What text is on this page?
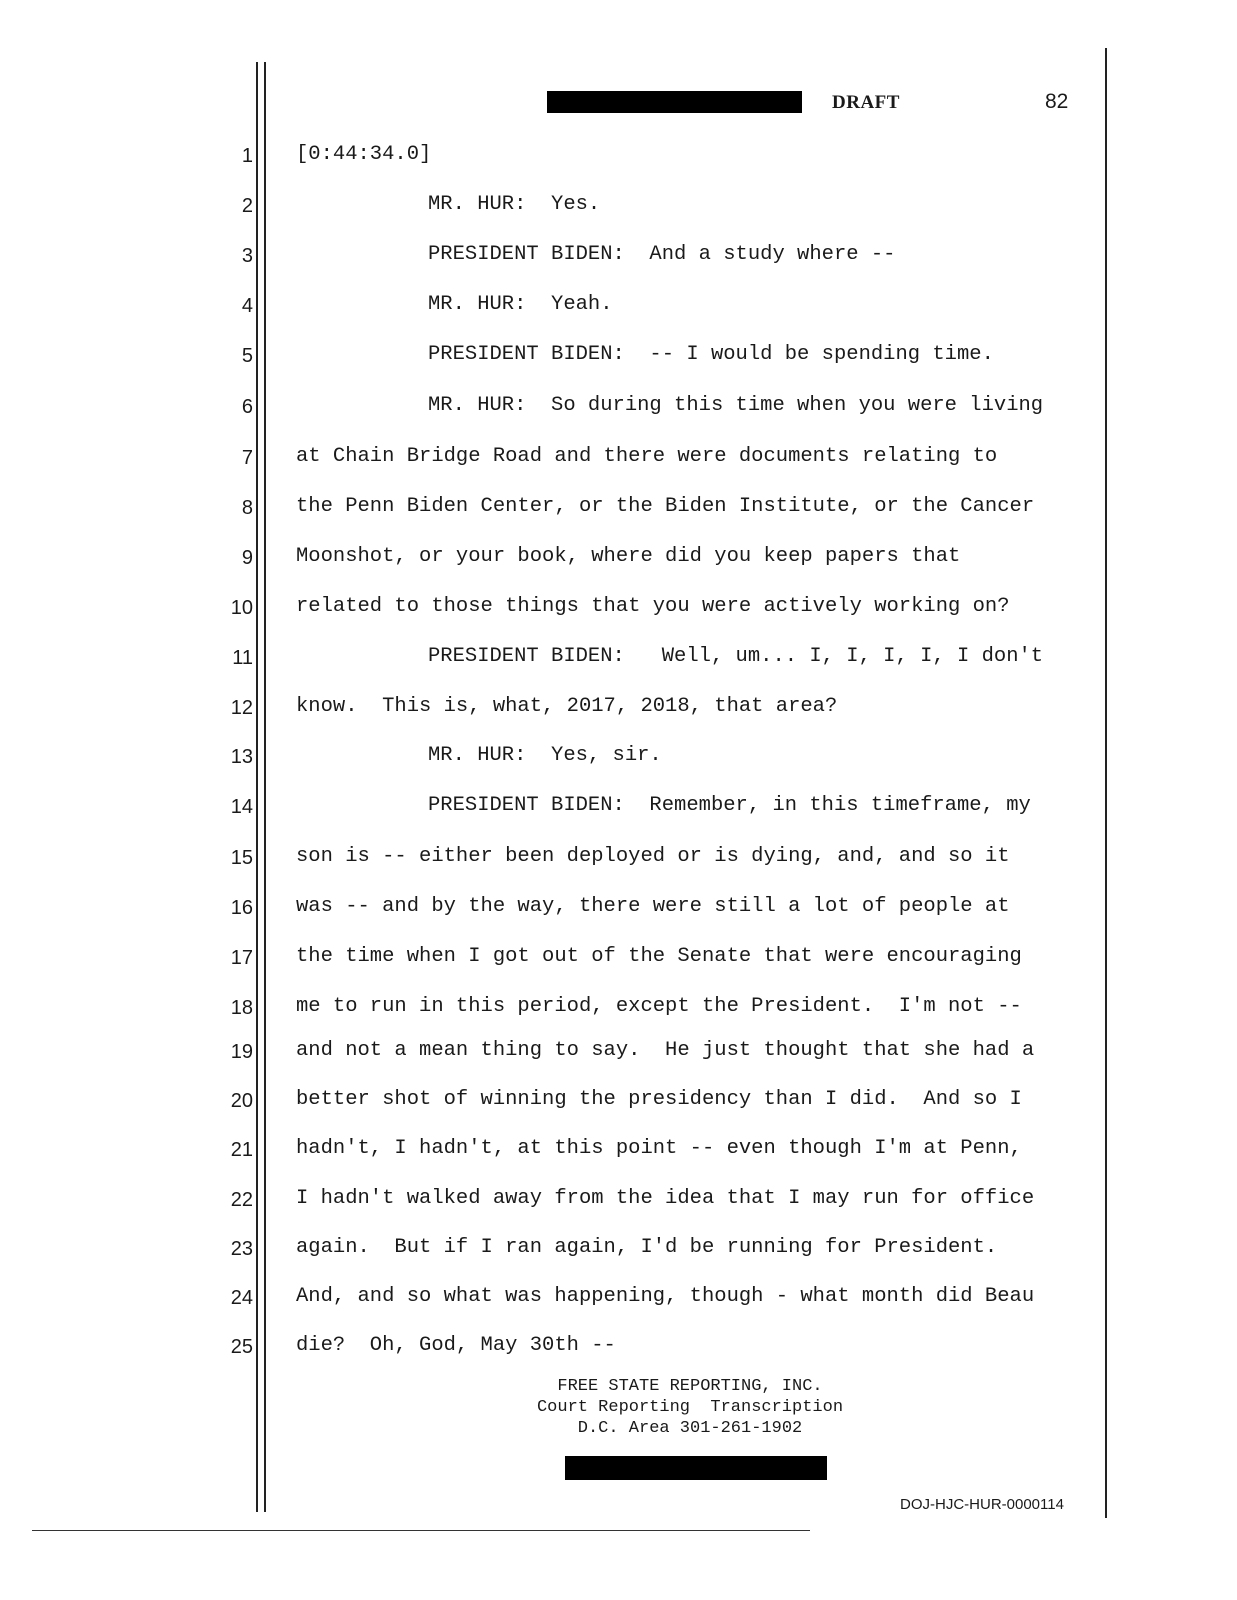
DRAFT	82
1
2
3
4
5
6
7
8
9
10
11
12
13
14
15
16
17
18
19
20
21
22
23
24
25
[0:44:34.0]
MR. HUR:  Yes.
PRESIDENT BIDEN:  And a study where --
MR. HUR:  Yeah.
PRESIDENT BIDEN:  -- I would be spending time.
MR. HUR:  So during this time when you were living
at Chain Bridge Road and there were documents relating to
the Penn Biden Center, or the Biden Institute, or the Cancer
Moonshot, or your book, where did you keep papers that
related to those things that you were actively working on?
PRESIDENT BIDEN:   Well, um... I, I, I, I, I don't
know.  This is, what, 2017, 2018, that area?
MR. HUR:  Yes, sir.
PRESIDENT BIDEN:  Remember, in this timeframe, my
son is -- either been deployed or is dying, and, and so it
was -- and by the way, there were still a lot of people at
the time when I got out of the Senate that were encouraging
me to run in this period, except the President.  I'm not --
and not a mean thing to say.  He just thought that she had a
better shot of winning the presidency than I did.  And so I
hadn't, I hadn't, at this point -- even though I'm at Penn,
I hadn't walked away from the idea that I may run for office
again.  But if I ran again, I'd be running for President.
And, and so what was happening, though - what month did Beau
die?  Oh, God, May 30th --
FREE STATE REPORTING, INC.
Court Reporting  Transcription
D.C. Area 301-261-1902
DOJ-HJC-HUR-0000114
